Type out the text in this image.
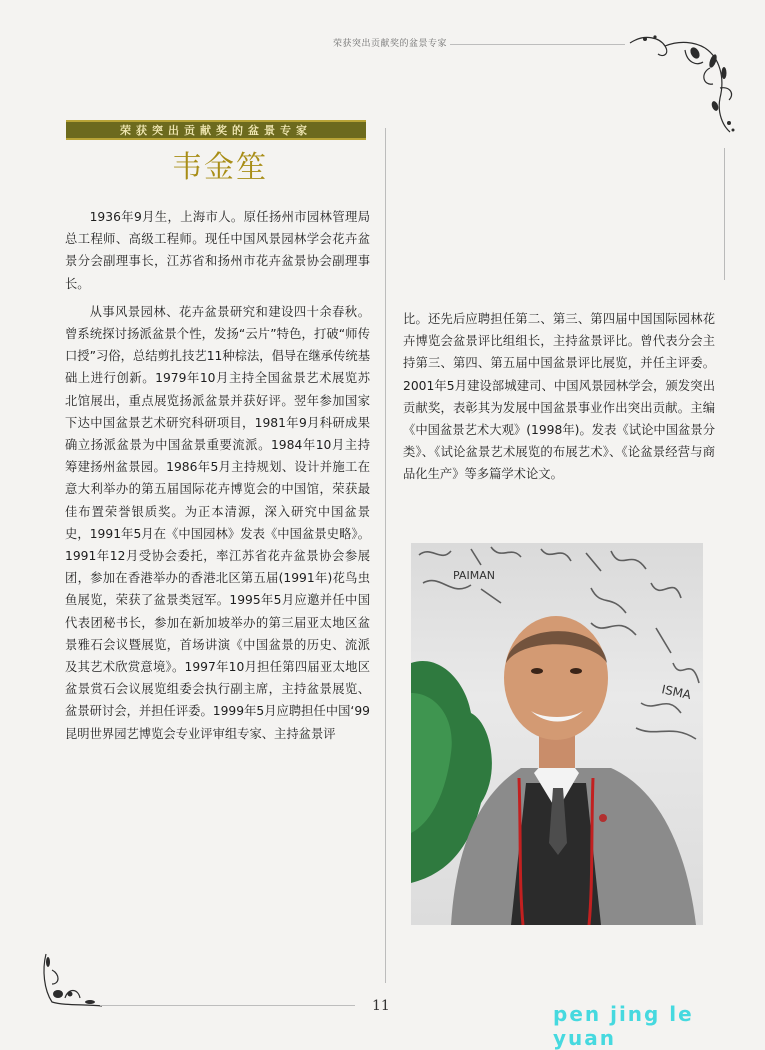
荣获突出贡献奖的盆景专家
荣获突出贡献奖的盆景专家
韦金笙

1936年9月生，上海市人。原任扬州市园林管理局总工程师、高级工程师。现任中国风景园林学会花卉盆景分会副理事长，江苏省和扬州市花卉盆景协会副理事长。

从事风景园林、花卉盆景研究和建设四十余春秋。曾系统探讨扬派盆景个性，发扬“云片”特色，打破“师传口授”习俗，总结剪扎技艺11种棕法，倡导在继承传统基础上进行创新。1979年10月主持全国盆景艺术展览苏北馆展出，重点展览扬派盆景并获好评。翌年参加国家下达中国盆景艺术研究科研项目，1981年9月科研成果确立扬派盆景为中国盆景重要流派。1984年10月主持筹建扬州盆景园。1986年5月主持规划、设计并施工在意大利举办的第五届国际花卉博览会的中国馆，荣获最佳布置荣誉银质奖。为正本清源，深入研究中国盆景史，1991年5月在《中国园林》发表《中国盆景史略》。1991年12月受协会委托，率江苏省花卉盆景协会参展团，参加在香港举办的香港北区第五届(1991年)花鸟虫鱼展览，荣获了盆景类冠军。1995年5月应邀并任中国代表团秘书长，参加在新加坡举办的第三届亚太地区盆景雅石会议暨展览，首场讲演《中国盆景的历史、流派及其艺术欣赏意境》。1997年10月担任第四届亚太地区盆景赏石会议展览组委会执行副主席，主持盆景展览、盆景研讨会，并担任评委。1999年5月应聘担任中国‘99昆明世界园艺博览会专业评审组专家、主持盆景评

比。还先后应聘担任第二、第三、第四届中国国际园林花卉博览会盆景评比组组长，主持盆景评比。曾代表分会主持第三、第四、第五届中国盆景评比展览，并任主评委。2001年5月建设部城建司、中国风景园林学会，颁发突出贡献奖，表彰其为发展中国盆景事业作出突出贡献。主编《中国盆景艺术大观》(1998年)。发表《试论中国盆景分类》、《试论盆景艺术展览的布展艺术》、《论盆景经营与商品化生产》等多篇学术论文。

PAIMAN
ISMA
11	pen jing le yuan
